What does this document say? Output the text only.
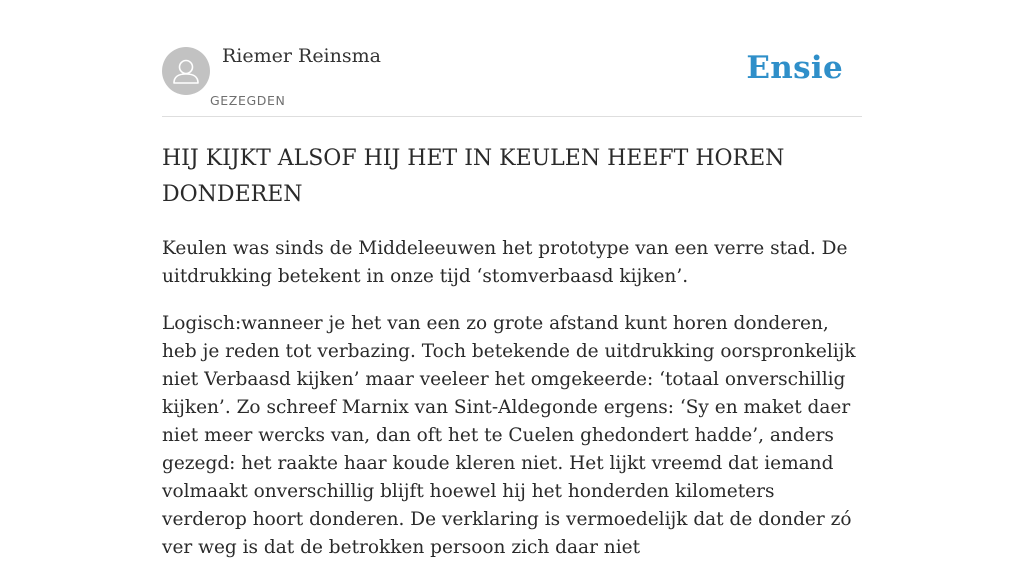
Riemer Reinsma
GEZEGDEN
Ensie
HIJ KIJKT ALSOF HIJ HET IN KEULEN HEEFT HOREN DONDEREN

Keulen was sinds de Middeleeuwen het prototype van een verre stad. De uitdrukking betekent in onze tijd ‘stomverbaasd kijken’.

Logisch:wanneer je het van een zo grote afstand kunt horen donderen, heb je reden tot verbazing. Toch betekende de uitdrukking oorspronkelijk niet Verbaasd kijken’ maar veeleer het omgekeerde: ‘totaal onverschillig kijken’. Zo schreef Marnix van Sint-Aldegonde ergens: ‘Sy en maket daer niet meer wercks van, dan oft het te Cuelen ghedondert hadde’, anders gezegd: het raakte haar koude kleren niet. Het lijkt vreemd dat iemand volmaakt onverschillig blijft hoewel hij het honderden kilometers verderop hoort donderen. De verklaring is vermoedelijk dat de donder zó ver weg is dat de betrokken persoon zich daar niet
